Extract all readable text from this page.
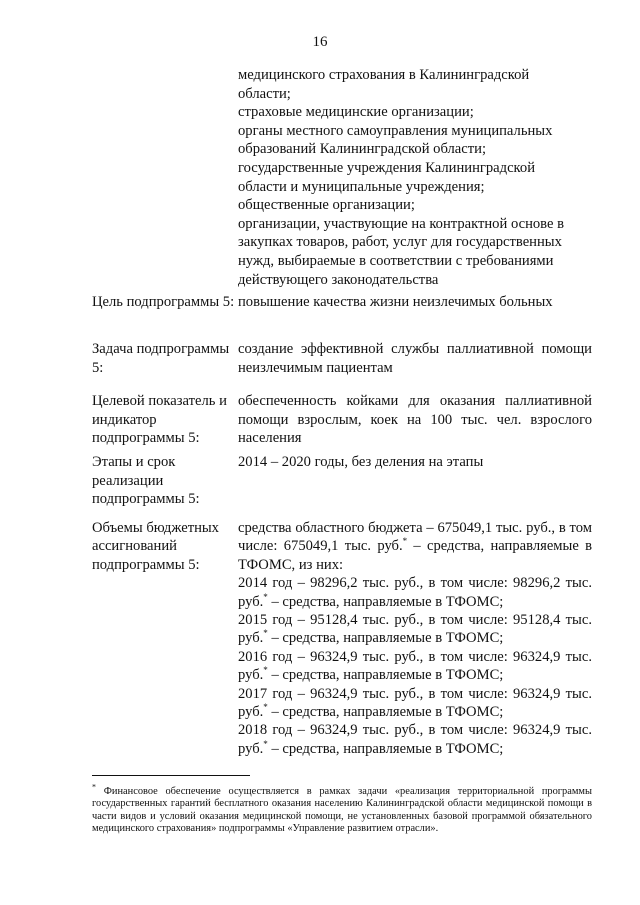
16
медицинского страхования в Калининградской
области;
страховые медицинские организации;
органы местного самоуправления муниципальных
образований Калининградской области;
государственные учреждения Калининградской
области и муниципальные учреждения;
общественные организации;
организации, участвующие на контрактной основе в
закупках товаров, работ, услуг для государственных
нужд, выбираемые в соответствии с требованиями
действующего законодательства
Цель подпрограммы 5: повышение качества жизни неизлечимых больных
Задача подпрограммы 5:
создание эффективной службы паллиативной помощи неизлечимым пациентам
Целевой показатель и индикатор подпрограммы 5:
обеспеченность койками для оказания паллиативной помощи взрослым, коек на 100 тыс. чел. взрослого населения
Этапы и срок реализации подпрограммы 5:
2014 – 2020 годы, без деления на этапы
Объемы бюджетных ассигнований подпрограммы 5:
средства областного бюджета – 675049,1 тыс. руб., в том числе: 675049,1 тыс. руб.* – средства, направляемые в ТФОМС, из них:
2014 год – 98296,2 тыс. руб., в том числе: 98296,2 тыс. руб.* – средства, направляемые в ТФОМС;
2015 год – 95128,4 тыс. руб., в том числе: 95128,4 тыс. руб.* – средства, направляемые в ТФОМС;
2016 год – 96324,9 тыс. руб., в том числе: 96324,9 тыс. руб.* – средства, направляемые в ТФОМС;
2017 год – 96324,9 тыс. руб., в том числе: 96324,9 тыс. руб.* – средства, направляемые в ТФОМС;
2018 год – 96324,9 тыс. руб., в том числе: 96324,9 тыс. руб.* – средства, направляемые в ТФОМС;
* Финансовое обеспечение осуществляется в рамках задачи «реализация территориальной программы государственных гарантий бесплатного оказания населению Калининградской области медицинской помощи в части видов и условий оказания медицинской помощи, не установленных базовой программой обязательного медицинского страхования» подпрограммы «Управление развитием отрасли».
